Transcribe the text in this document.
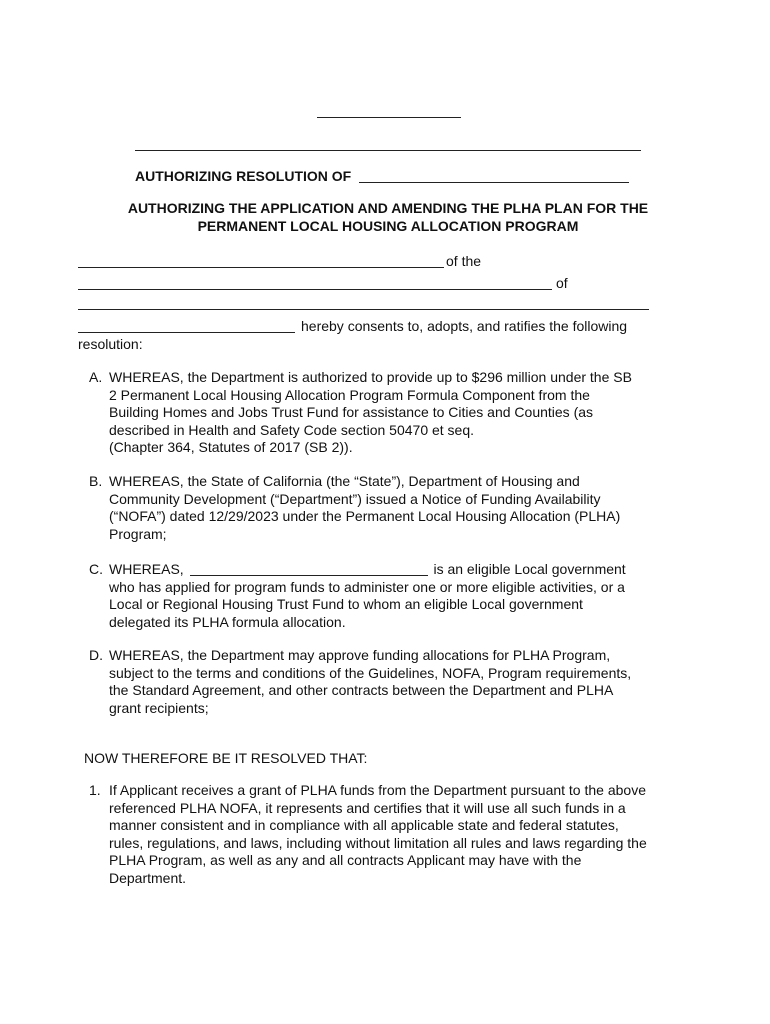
AUTHORIZING RESOLUTION OF
AUTHORIZING THE APPLICATION AND AMENDING THE PLHA PLAN FOR THE
PERMANENT LOCAL HOUSING ALLOCATION PROGRAM
of the
of
hereby consents to, adopts, and ratifies the following
resolution:
A. WHEREAS, the Department is authorized to provide up to $296 million under the SB
2 Permanent Local Housing Allocation Program Formula Component from the
Building Homes and Jobs Trust Fund for assistance to Cities and Counties (as
described in Health and Safety Code section 50470 et seq.
(Chapter 364, Statutes of 2017 (SB 2)).
B. WHEREAS, the State of California (the “State”), Department of Housing and
Community Development (“Department”) issued a Notice of Funding Availability
(“NOFA”) dated 12/29/2023 under the Permanent Local Housing Allocation (PLHA)
Program;
C. WHEREAS,	is an eligible Local government
who has applied for program funds to administer one or more eligible activities, or a
Local or Regional Housing Trust Fund to whom an eligible Local government
delegated its PLHA formula allocation.
D. WHEREAS, the Department may approve funding allocations for PLHA Program,
subject to the terms and conditions of the Guidelines, NOFA, Program requirements,
the Standard Agreement, and other contracts between the Department and PLHA
grant recipients;
NOW THEREFORE BE IT RESOLVED THAT:
1. If Applicant receives a grant of PLHA funds from the Department pursuant to the above
referenced PLHA NOFA, it represents and certifies that it will use all such funds in a
manner consistent and in compliance with all applicable state and federal statutes,
rules, regulations, and laws, including without limitation all rules and laws regarding the
PLHA Program, as well as any and all contracts Applicant may have with the
Department.
